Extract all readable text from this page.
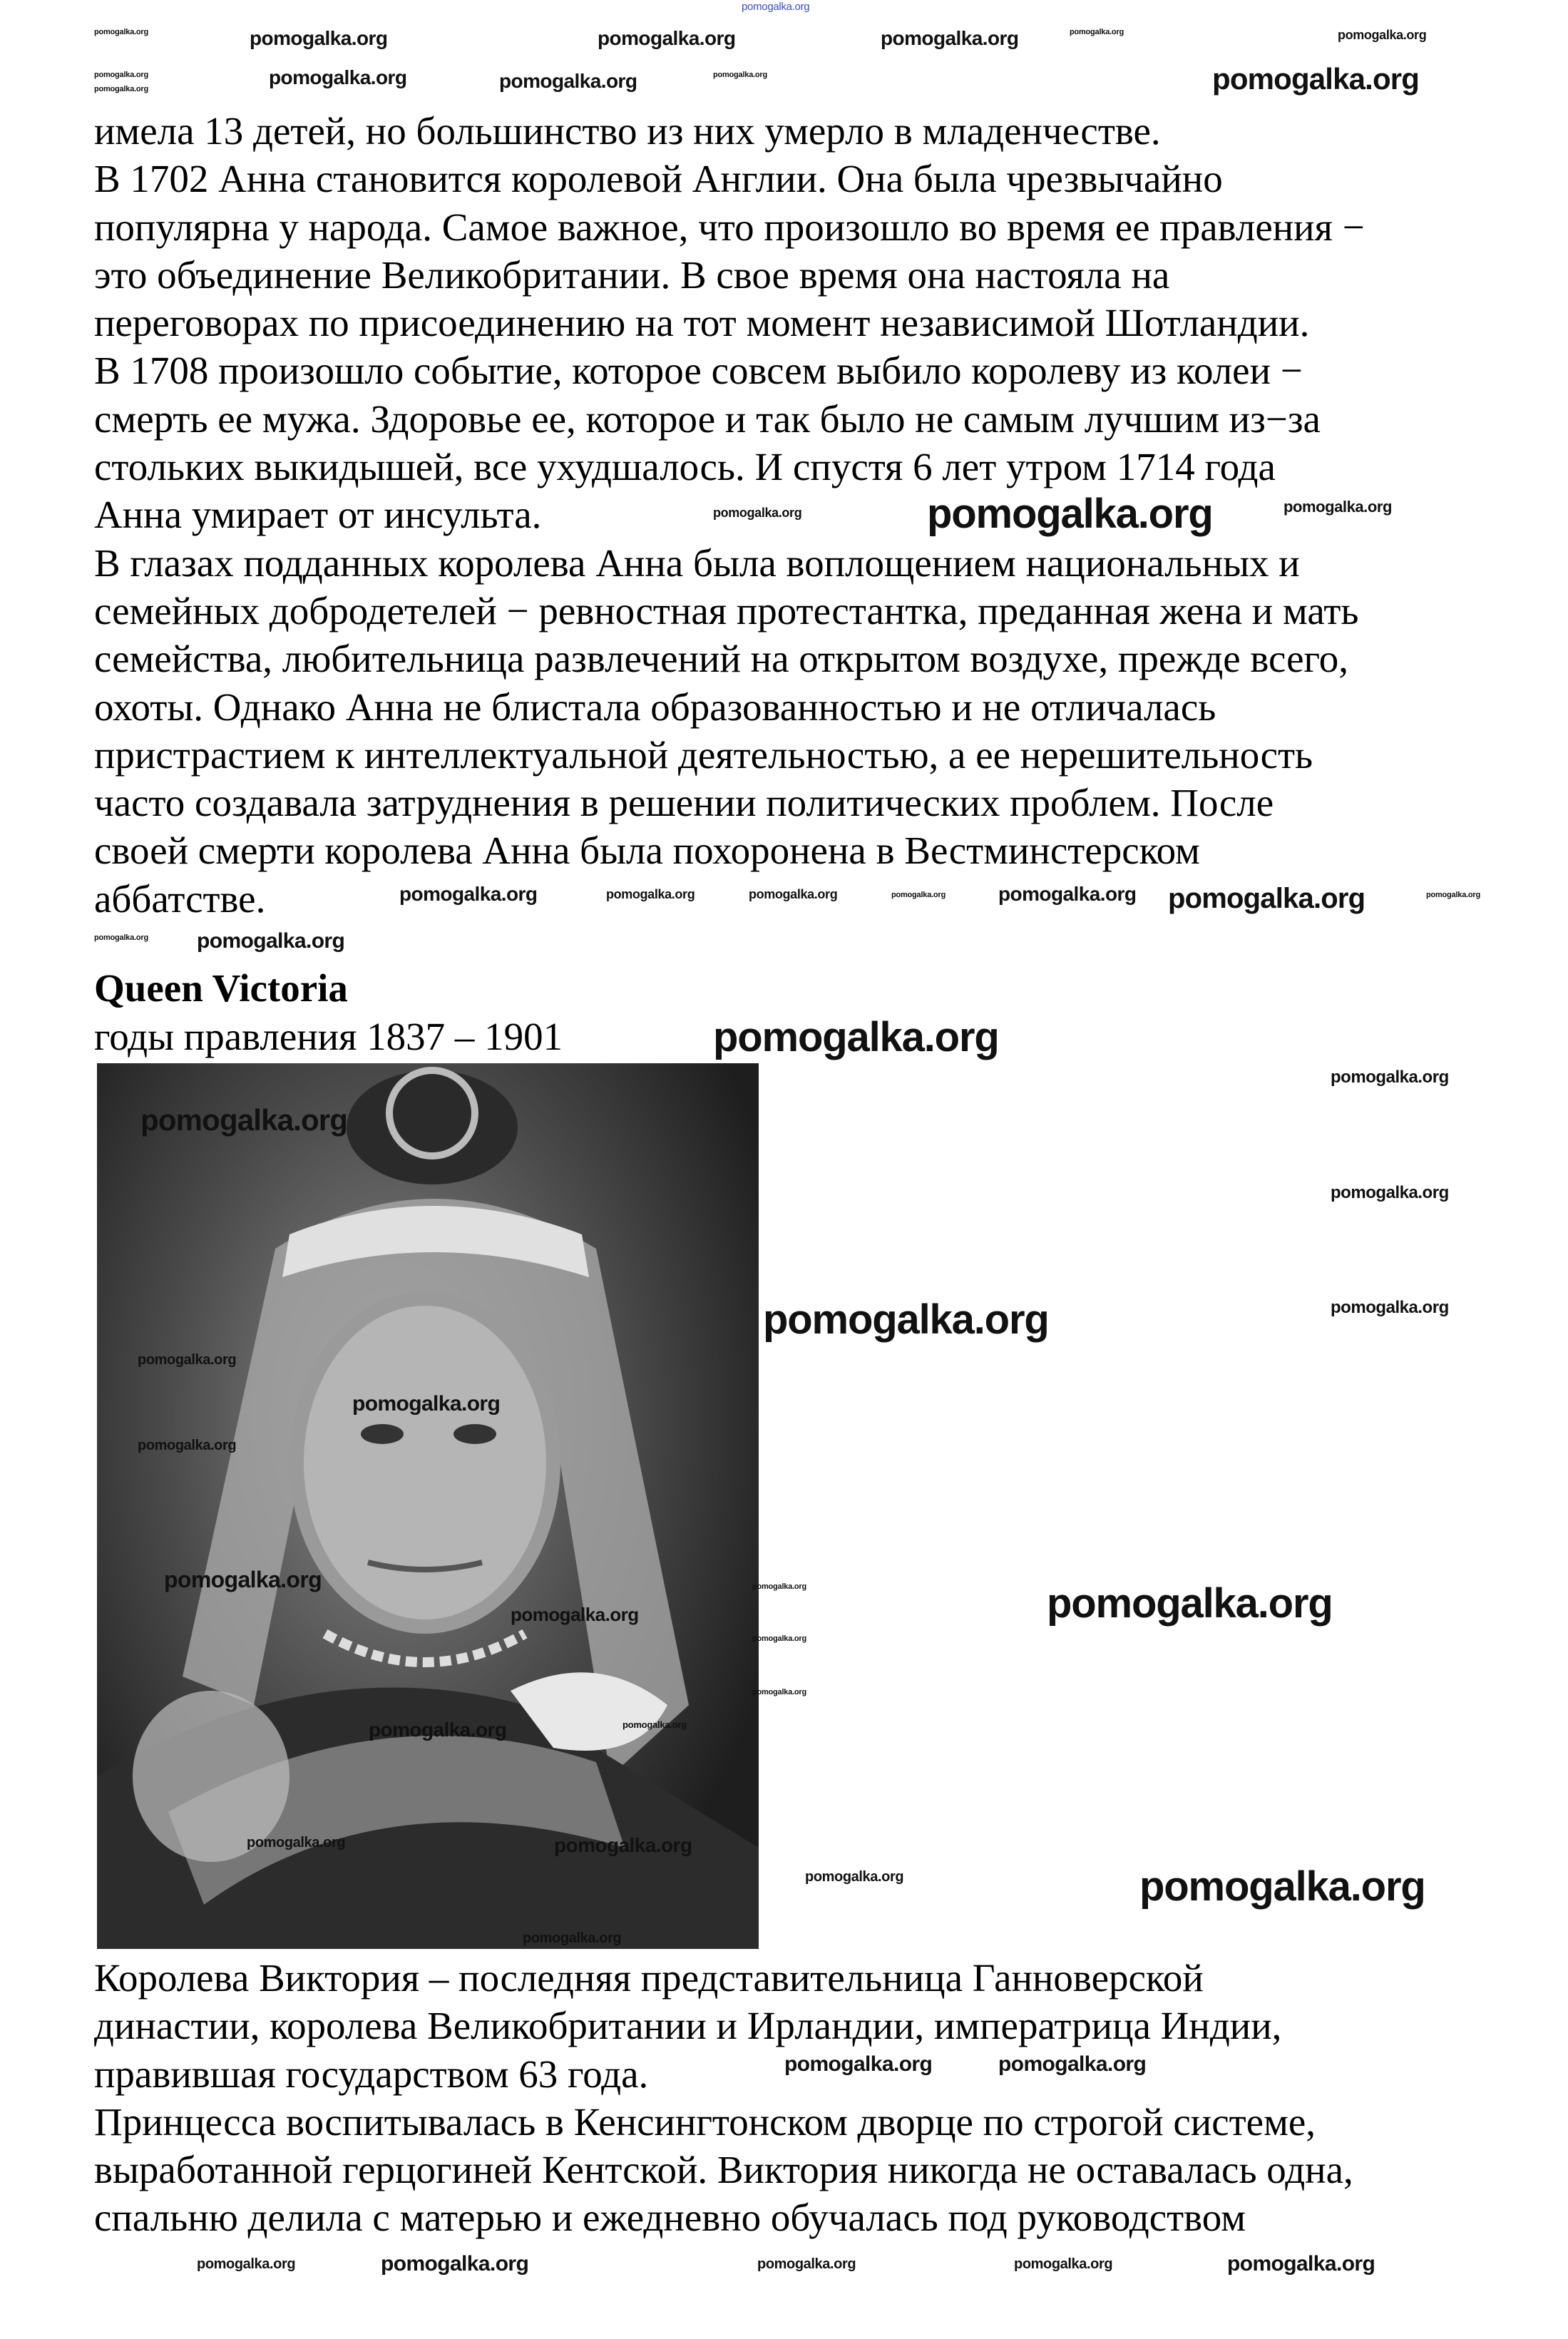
pomogalka.org
имела 13 детей, но большинство из них умерло в младенчестве.
В 1702 Анна становится королевой Англии. Она была чрезвычайно
популярна у народа. Самое важное, что произошло во время ее правления −
это объединение Великобритании. В свое время она настояла на
переговорах по присоединению на тот момент независимой Шотландии.
В 1708 произошло событие, которое совсем выбило королеву из колеи −
смерть ее мужа. Здоровье ее, которое и так было не самым лучшим из−за
стольких выкидышей, все ухудшалось. И спустя 6 лет утром 1714 года
Анна умирает от инсульта.
В глазах подданных королева Анна была воплощением национальных и
семейных добродетелей − ревностная протестантка, преданная жена и мать
семейства, любительница развлечений на открытом воздухе, прежде всего,
охоты. Однако Анна не блистала образованностью и не отличалась
пристрастием к интеллектуальной деятельностью, а ее нерешительность
часто создавала затруднения в решении политических проблем. После
своей смерти королева Анна была похоронена в Вестминстерском
аббатстве.
Queen Victoria
годы правления 1837 – 1901
Королева Виктория – последняя представительница Ганноверской
династии, королева Великобритании и Ирландии, императрица Индии,
правившая государством 63 года.
Принцесса воспитывалась в Кенсингтонском дворце по строгой системе,
выработанной герцогиней Кентской. Виктория никогда не оставалась одна,
спальню делила с матерью и ежедневно обучалась под руководством
pomogalka.org
pomogalka.org	pomogalka.org
pomogalka.org
pomogalka.org	pomogalka.org
pomogalka.org
pomogalka.org
pomogalka.org	pomogalka.org
pomogalka.org	pomogalka.org
pomogalka.org	pomogalka.org	pomogalka.org
pomogalka.org	pomogalka.org	pomogalka.org	pomogalka.org	pomogalka.org	pomogalka.org
pomogalka.org
pomogalka.org
pomogalka.org
pomogalka.org
pomogalka.org
pomogalka.org
pomogalka.org
pomogalka.org	pomogalka.org
pomogalka.org
pomogalka.org
pomogalka.org
pomogalka.org
pomogalka.org
pomogalka.org
pomogalka.org
pomogalka.org
pomogalka.org
pomogalka.org	pomogalka.org
pomogalka.org	pomogalka.org
pomogalka.org	pomogalka.org
pomogalka.org
pomogalka.org	pomogalka.org
pomogalka.org
pomogalka.org	pomogalka.org	pomogalka.org	pomogalka.org
